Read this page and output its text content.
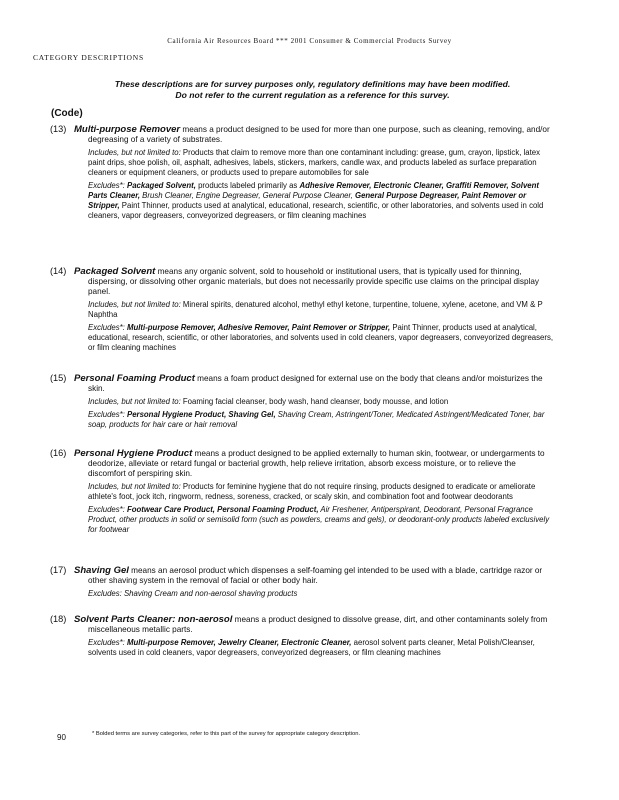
California Air Resources Board *** 2001 Consumer & Commercial Products Survey
CATEGORY DESCRIPTIONS
These descriptions are for survey purposes only, regulatory definitions may have been modified.
Do not refer to the current regulation as a reference for this survey.
(Code)

(13) Multi-purpose Remover means a product designed to be used for more than one purpose, such as cleaning, removing, and/or degreasing of a variety of substrates.

Includes, but not limited to: Products that claim to remove more than one contaminant including: grease, gum, crayon, lipstick, latex paint drips, shoe polish, oil, asphalt, adhesives, labels, stickers, markers, candle wax, and products labeled as surface preparation cleaners or equipment cleaners, or products used to prepare automobiles for sale

Excludes*: Packaged Solvent, products labeled primarily as Adhesive Remover, Electronic Cleaner, Graffiti Remover, Solvent Parts Cleaner, Brush Cleaner, Engine Degreaser, General Purpose Cleaner, General Purpose Degreaser, Paint Remover or Stripper, Paint Thinner, products used at analytical, educational, research, scientific, or other laboratories, and solvents used in cold cleaners, vapor degreasers, conveyorized degreasers, or film cleaning machines

(14) Packaged Solvent means any organic solvent, sold to household or institutional users, that is typically used for thinning, dispersing, or dissolving other organic materials, but does not necessarily provide specific use claims on the principal display panel.

Includes, but not limited to: Mineral spirits, denatured alcohol, methyl ethyl ketone, turpentine, toluene, xylene, acetone, and VM & P Naphtha

Excludes*: Multi-purpose Remover, Adhesive Remover, Paint Remover or Stripper, Paint Thinner, products used at analytical, educational, research, scientific, or other laboratories, and solvents used in cold cleaners, vapor degreasers, conveyorized degreasers, or film cleaning machines

(15) Personal Foaming Product means a foam product designed for external use on the body that cleans and/or moisturizes the skin.

Includes, but not limited to: Foaming facial cleanser, body wash, hand cleanser, body mousse, and lotion

Excludes*: Personal Hygiene Product, Shaving Gel, Shaving Cream, Astringent/Toner, Medicated Astringent/Medicated Toner, bar soap, products for hair care or hair removal

(16) Personal Hygiene Product means a product designed to be applied externally to human skin, footwear, or undergarments to deodorize, alleviate or retard fungal or bacterial growth, help relieve irritation, absorb excess moisture, or to relieve the discomfort of perspiring skin.

Includes, but not limited to: Products for feminine hygiene that do not require rinsing, products designed to eradicate or ameliorate athlete's foot, jock itch, ringworm, redness, soreness, cracked, or scaly skin, and combination foot and footwear deodorants

Excludes*: Footwear Care Product, Personal Foaming Product, Air Freshener, Antiperspirant, Deodorant, Personal Fragrance Product, other products in solid or semisolid form (such as powders, creams and gels), or deodorant-only products labeled exclusively for footwear

(17) Shaving Gel means an aerosol product which dispenses a self-foaming gel intended to be used with a blade, cartridge razor or other shaving system in the removal of facial or other body hair.

Excludes: Shaving Cream and non-aerosol shaving products

(18) Solvent Parts Cleaner: non-aerosol means a product designed to dissolve grease, dirt, and other contaminants solely from miscellaneous metallic parts.

Excludes*: Multi-purpose Remover, Jewelry Cleaner, Electronic Cleaner, aerosol solvent parts cleaner, Metal Polish/Cleanser, solvents used in cold cleaners, vapor degreasers, conveyorized degreasers, or film cleaning machines

90	* Bolded terms are survey categories, refer to this part of the survey for appropriate category description.
